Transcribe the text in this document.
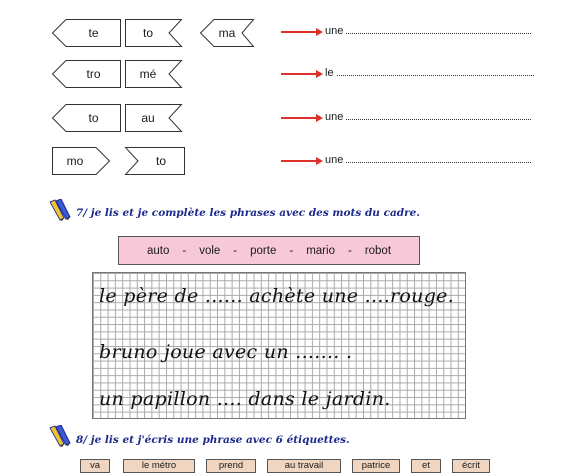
te	to	ma
tro	mé
to	au
mo	to
une
le
une
une
7/ je lis et je complète les phrases avec des mots du cadre.
auto - vole - porte - mario - robot
le père de ...... achète une ....rouge.
bruno joue avec un ....... .
un papillon .... dans le jardin.
8/ je lis et j'écris une phrase avec 6 étiquettes.
va	le métro	prend	au travail	patrice	et	écrit
